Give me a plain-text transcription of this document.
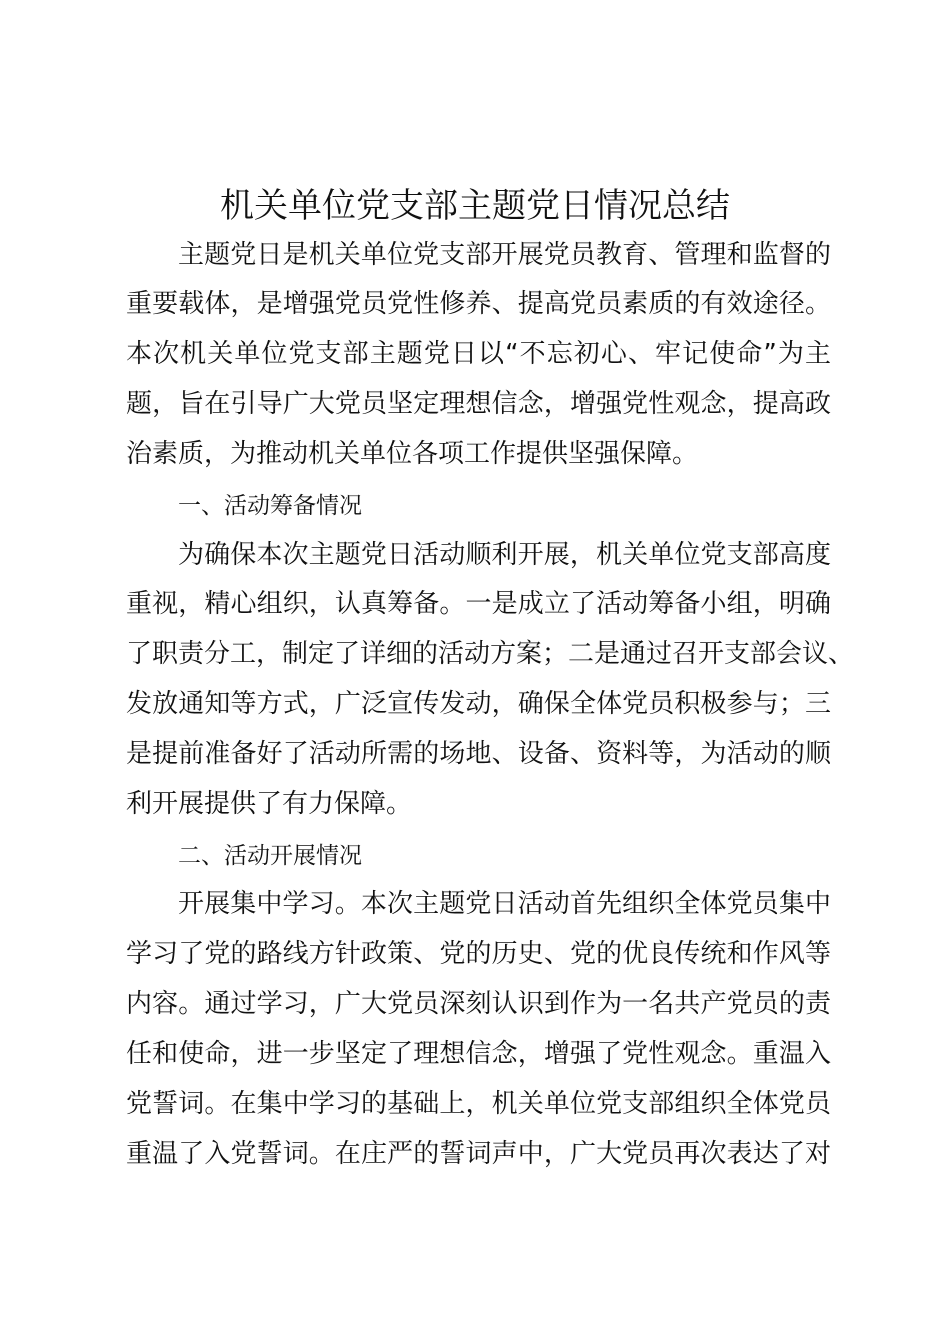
机关单位党支部主题党日情况总结
主题党日是机关单位党支部开展党员教育、管理和监督的
重要载体，是增强党员党性修养、提高党员素质的有效途径。
本次机关单位党支部主题党日以“不忘初心、牢记使命”为主
题，旨在引导广大党员坚定理想信念，增强党性观念，提高政
治素质，为推动机关单位各项工作提供坚强保障。
一、活动筹备情况
为确保本次主题党日活动顺利开展，机关单位党支部高度
重视，精心组织，认真筹备。一是成立了活动筹备小组，明确
了职责分工，制定了详细的活动方案；二是通过召开支部会议、
发放通知等方式，广泛宣传发动，确保全体党员积极参与；三
是提前准备好了活动所需的场地、设备、资料等，为活动的顺
利开展提供了有力保障。
二、活动开展情况
开展集中学习。本次主题党日活动首先组织全体党员集中
学习了党的路线方针政策、党的历史、党的优良传统和作风等
内容。通过学习，广大党员深刻认识到作为一名共产党员的责
任和使命，进一步坚定了理想信念，增强了党性观念。重温入
党誓词。在集中学习的基础上，机关单位党支部组织全体党员
重温了入党誓词。在庄严的誓词声中，广大党员再次表达了对
